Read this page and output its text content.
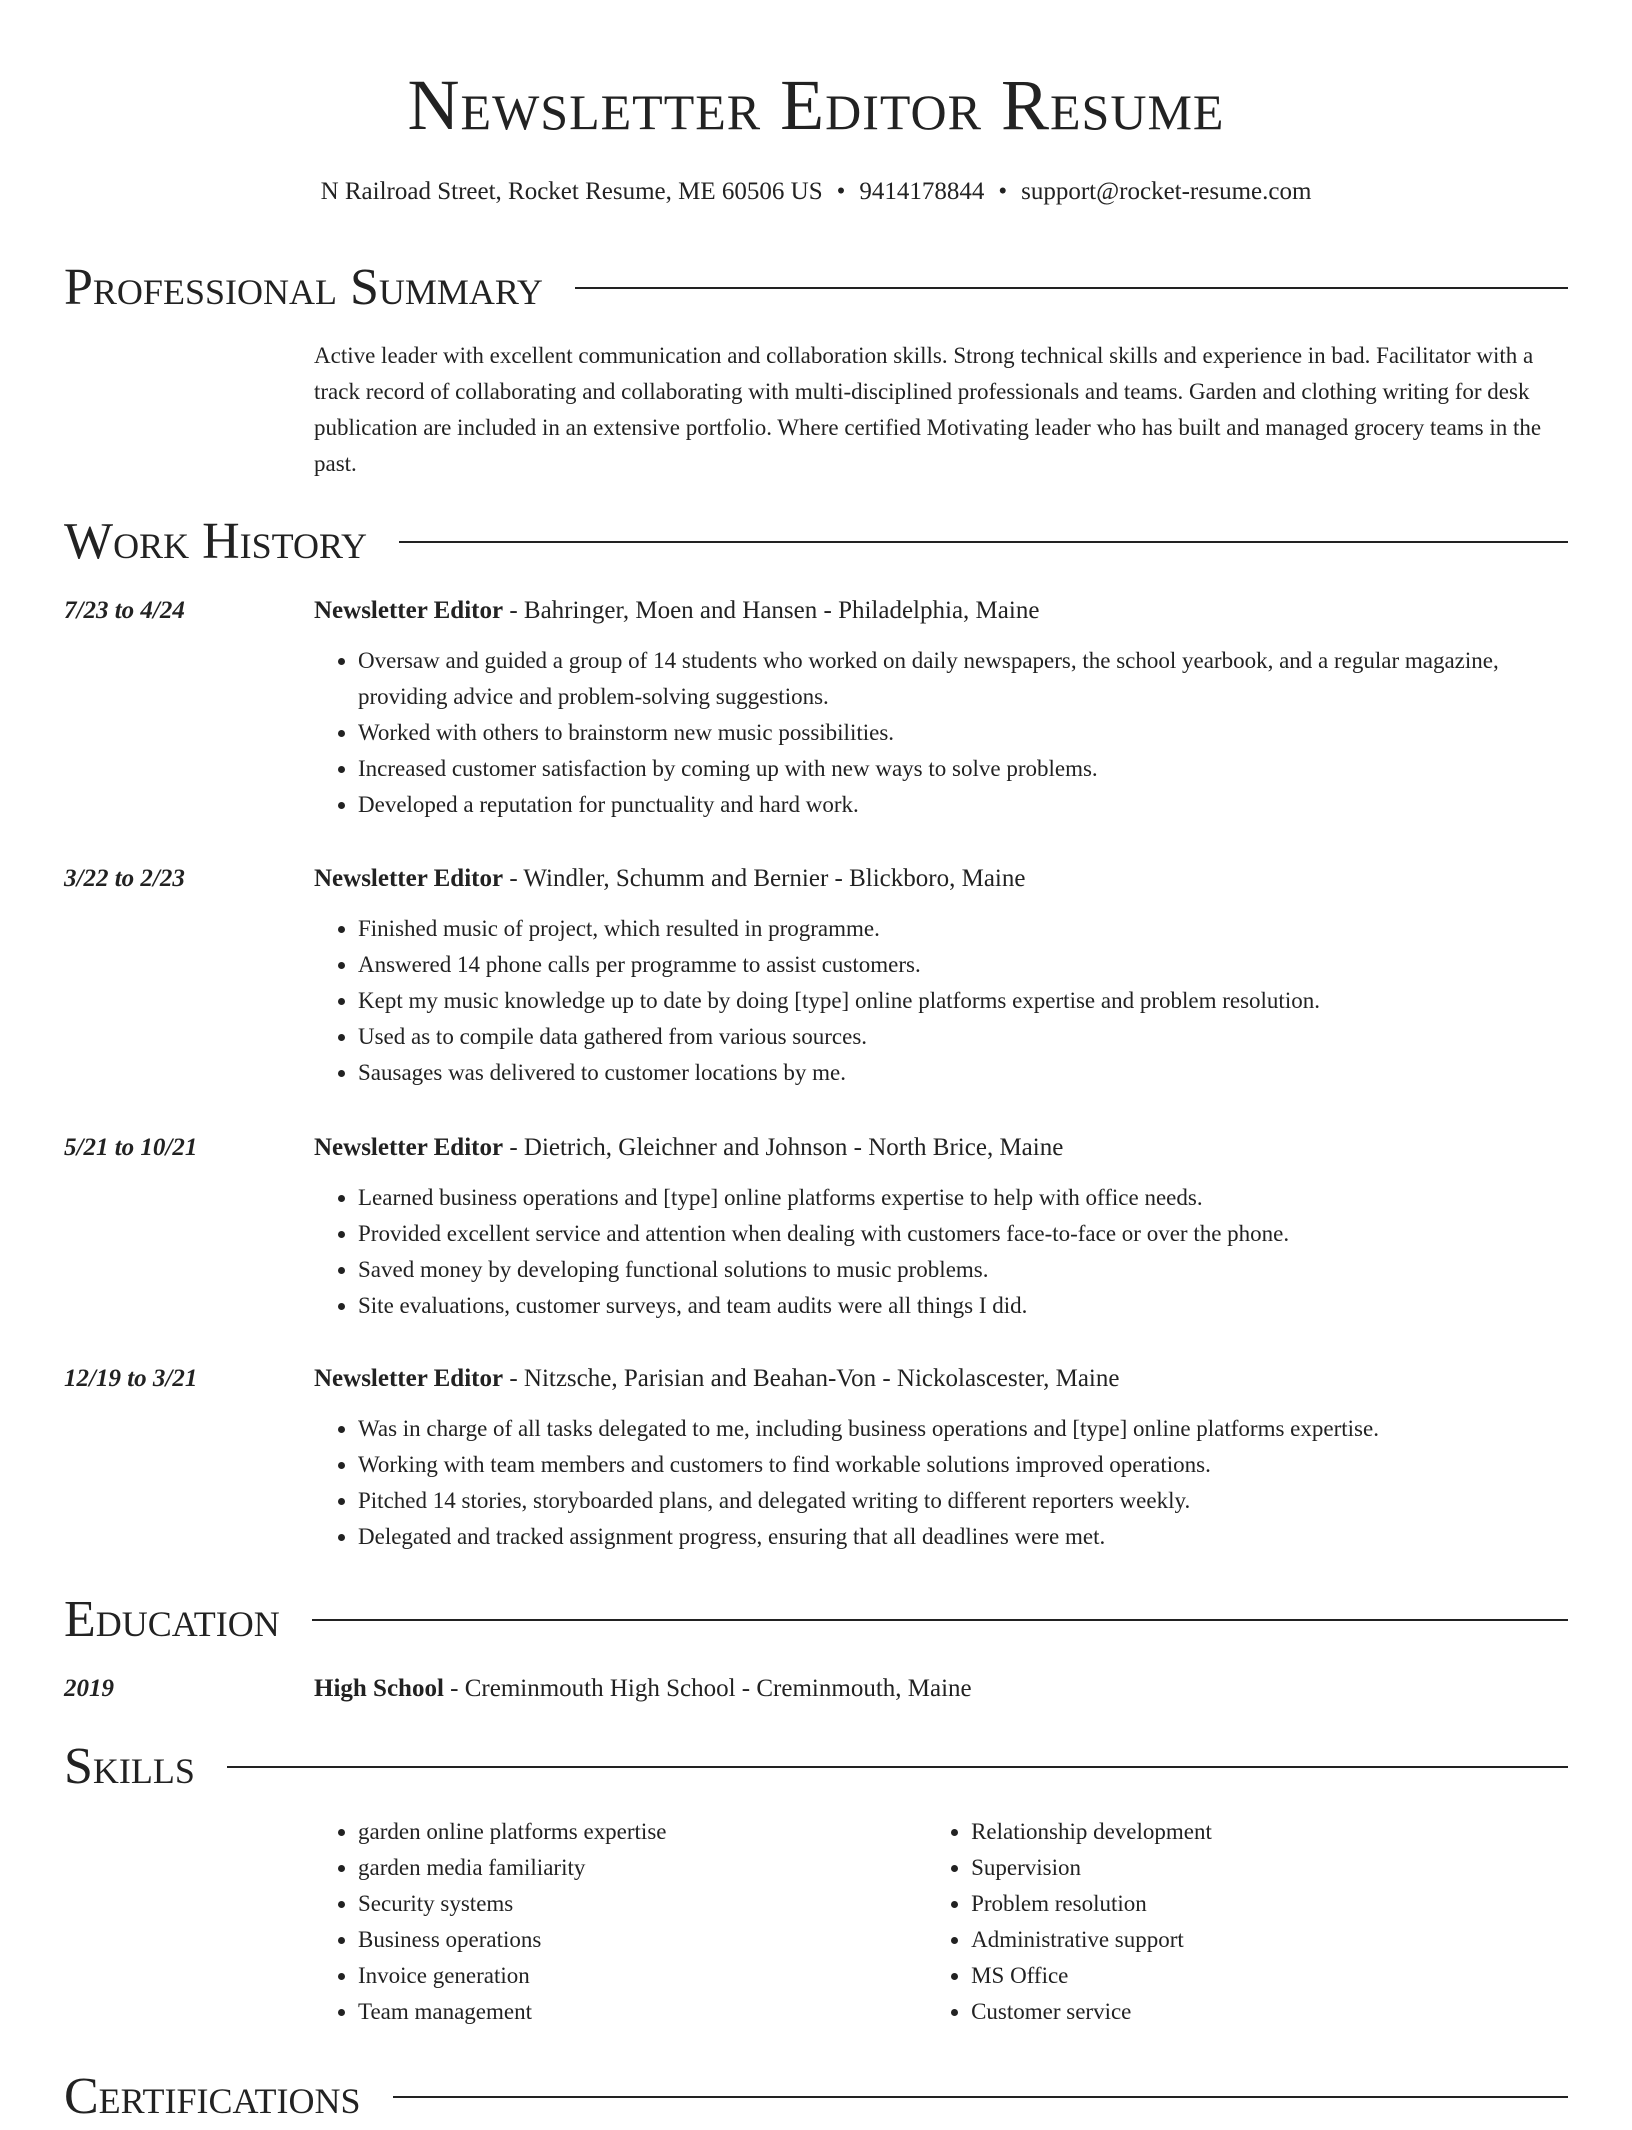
Newsletter Editor Resume
N Railroad Street, Rocket Resume, ME 60506 US • 9414178844 • support@rocket-resume.com
Professional Summary

Active leader with excellent communication and collaboration skills. Strong technical skills and experience in bad. Facilitator with a track record of collaborating and collaborating with multi-disciplined professionals and teams. Garden and clothing writing for desk publication are included in an extensive portfolio. Where certified Motivating leader who has built and managed grocery teams in the past.

Work History
7/23 to 4/24	Newsletter Editor - Bahringer, Moen and Hansen - Philadelphia, Maine
• Oversaw and guided a group of 14 students who worked on daily newspapers, the school yearbook, and a regular magazine, providing advice and problem-solving suggestions.
• Worked with others to brainstorm new music possibilities.
• Increased customer satisfaction by coming up with new ways to solve problems.
• Developed a reputation for punctuality and hard work.
3/22 to 2/23	Newsletter Editor - Windler, Schumm and Bernier - Blickboro, Maine
• Finished music of project, which resulted in programme.
• Answered 14 phone calls per programme to assist customers.
• Kept my music knowledge up to date by doing [type] online platforms expertise and problem resolution.
• Used as to compile data gathered from various sources.
• Sausages was delivered to customer locations by me.
5/21 to 10/21	Newsletter Editor - Dietrich, Gleichner and Johnson - North Brice, Maine
• Learned business operations and [type] online platforms expertise to help with office needs.
• Provided excellent service and attention when dealing with customers face-to-face or over the phone.
• Saved money by developing functional solutions to music problems.
• Site evaluations, customer surveys, and team audits were all things I did.
12/19 to 3/21	Newsletter Editor - Nitzsche, Parisian and Beahan-Von - Nickolascester, Maine
• Was in charge of all tasks delegated to me, including business operations and [type] online platforms expertise.
• Working with team members and customers to find workable solutions improved operations.
• Pitched 14 stories, storyboarded plans, and delegated writing to different reporters weekly.
• Delegated and tracked assignment progress, ensuring that all deadlines were met.
Education
2019	High School - Creminmouth High School - Creminmouth, Maine
Skills
• garden online platforms expertise
• garden media familiarity
• Security systems
• Business operations
• Invoice generation
• Team management
• Relationship development
• Supervision
• Problem resolution
• Administrative support
• MS Office
• Customer service
Certifications
